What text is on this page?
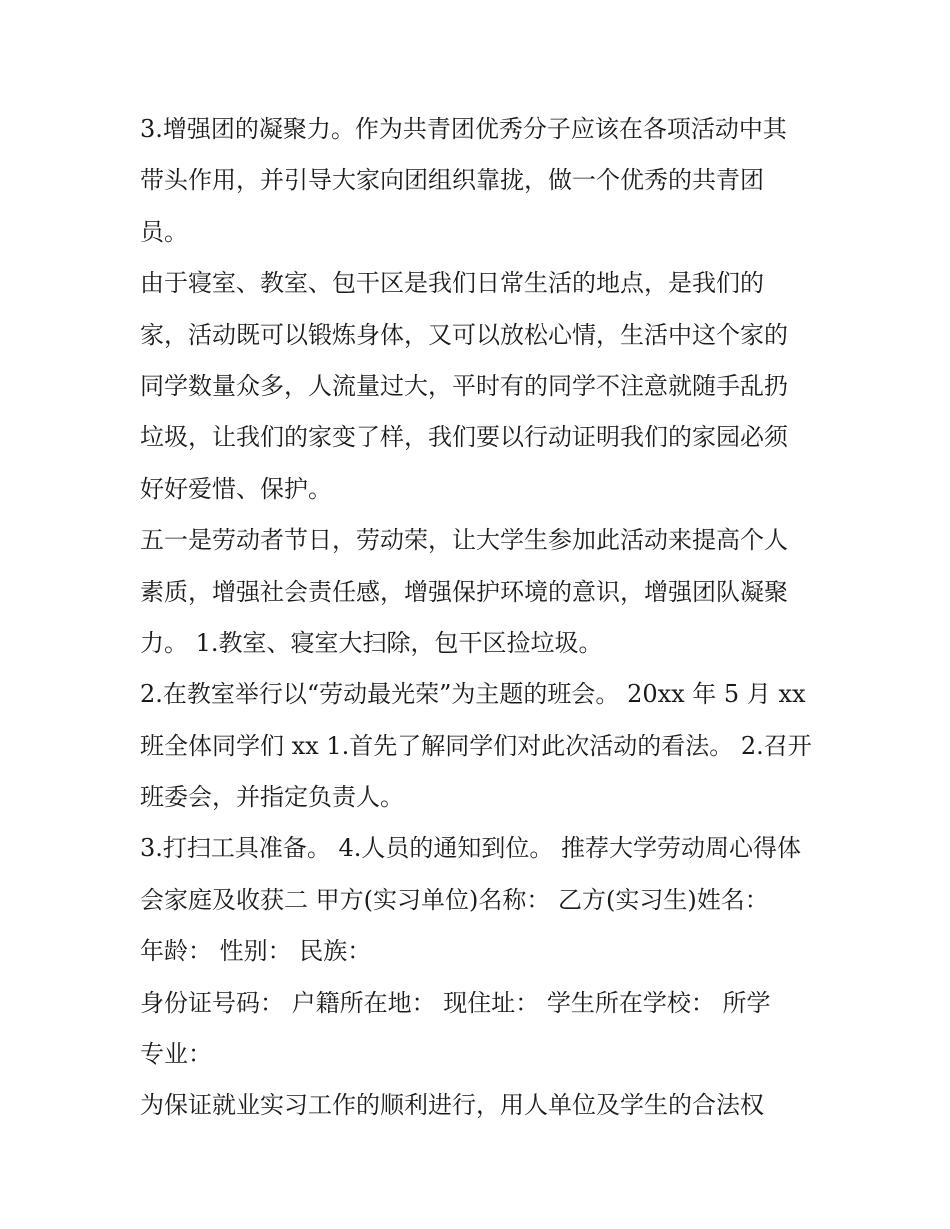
3.增强团的凝聚力。作为共青团优秀分子应该在各项活动中其
带头作用，并引导大家向团组织靠拢，做一个优秀的共青团
员。
由于寝室、教室、包干区是我们日常生活的地点，是我们的
家，活动既可以锻炼身体，又可以放松心情，生活中这个家的
同学数量众多，人流量过大，平时有的同学不注意就随手乱扔
垃圾，让我们的家变了样，我们要以行动证明我们的家园必须
好好爱惜、保护。
五一是劳动者节日，劳动荣，让大学生参加此活动来提高个人
素质，增强社会责任感，增强保护环境的意识，增强团队凝聚
力。 1.教室、寝室大扫除，包干区捡垃圾。
2.在教室举行以“劳动最光荣”为主题的班会。 20xx 年 5 月 xx
班全体同学们 xx 1.首先了解同学们对此次活动的看法。 2.召开
班委会，并指定负责人。
3.打扫工具准备。 4.人员的通知到位。 推荐大学劳动周心得体
会家庭及收获二 甲方(实习单位)名称： 乙方(实习生)姓名：
年龄： 性别： 民族：
身份证号码： 户籍所在地： 现住址： 学生所在学校： 所学
专业：
为保证就业实习工作的顺利进行，用人单位及学生的合法权
